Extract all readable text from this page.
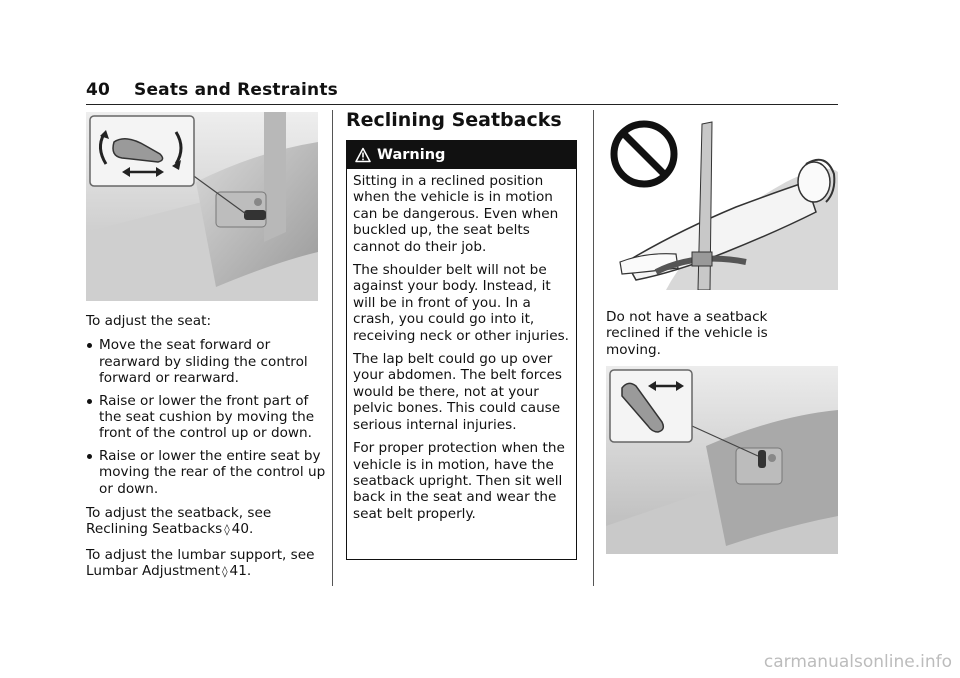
40 Seats and Restraints

To adjust the seat:

Move the seat forward or rearward by sliding the control forward or rearward.
Raise or lower the front part of the seat cushion by moving the front of the control up or down.
Raise or lower the entire seat by moving the rear of the control up or down.

To adjust the seatback, see Reclining Seatbacks ◊ 40.

To adjust the lumbar support, see Lumbar Adjustment ◊ 41.

Reclining Seatbacks
Warning

Sitting in a reclined position when the vehicle is in motion can be dangerous. Even when buckled up, the seat belts cannot do their job.

The shoulder belt will not be against your body. Instead, it will be in front of you. In a crash, you could go into it, receiving neck or other injuries.

The lap belt could go up over your abdomen. The belt forces would be there, not at your pelvic bones. This could cause serious internal injuries.

For proper protection when the vehicle is in motion, have the seatback upright. Then sit well back in the seat and wear the seat belt properly.

Do not have a seatback reclined if the vehicle is moving.

carmanualsonline.info
